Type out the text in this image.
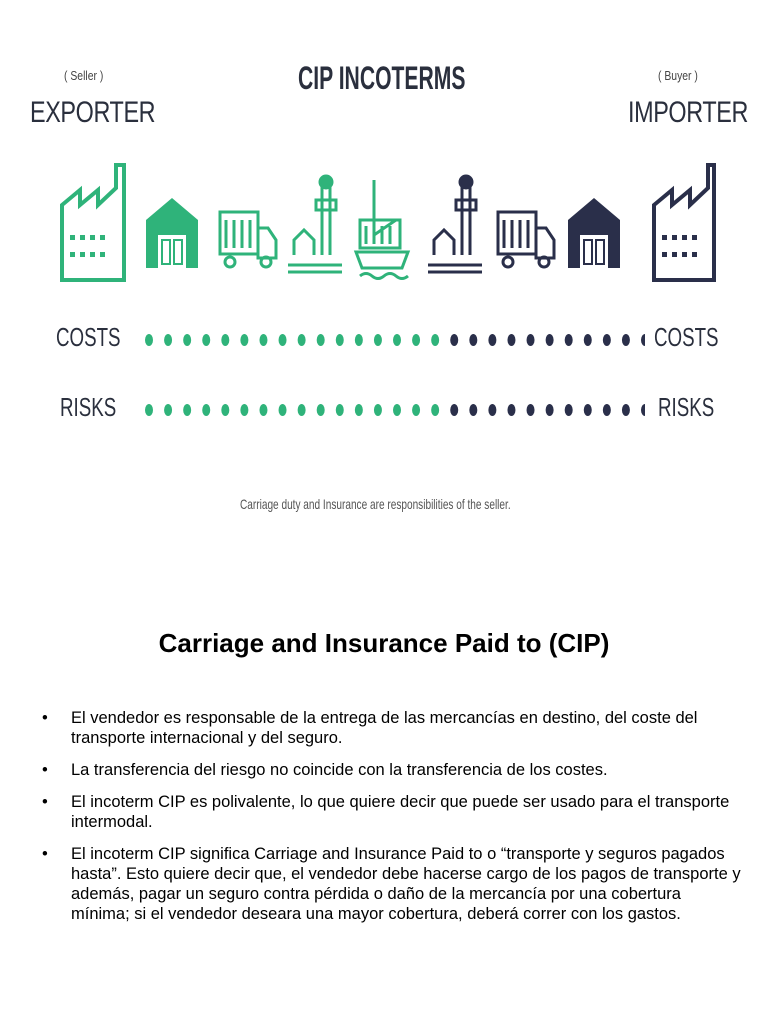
( Seller )
EXPORTER
CIP INCOTERMS	( Buyer )
IMPORTER
COSTS	COSTS
RISKS	RISKS
Carriage duty and Insurance are responsibilities of the seller.
Carriage and Insurance Paid to (CIP)
• El vendedor es responsable de la entrega de las mercancías en destino, del coste del transporte internacional y del seguro.
• La transferencia del riesgo no coincide con la transferencia de los costes.
• El incoterm CIP es polivalente, lo que quiere decir que puede ser usado para el transporte intermodal.
• El incoterm CIP significa Carriage and Insurance Paid to o “transporte y seguros pagados hasta”. Esto quiere decir que, el vendedor debe hacerse cargo de los pagos de transporte y además, pagar un seguro contra pérdida o daño de la mercancía por una cobertura mínima; si el vendedor deseara una mayor cobertura, deberá correr con los gastos.
